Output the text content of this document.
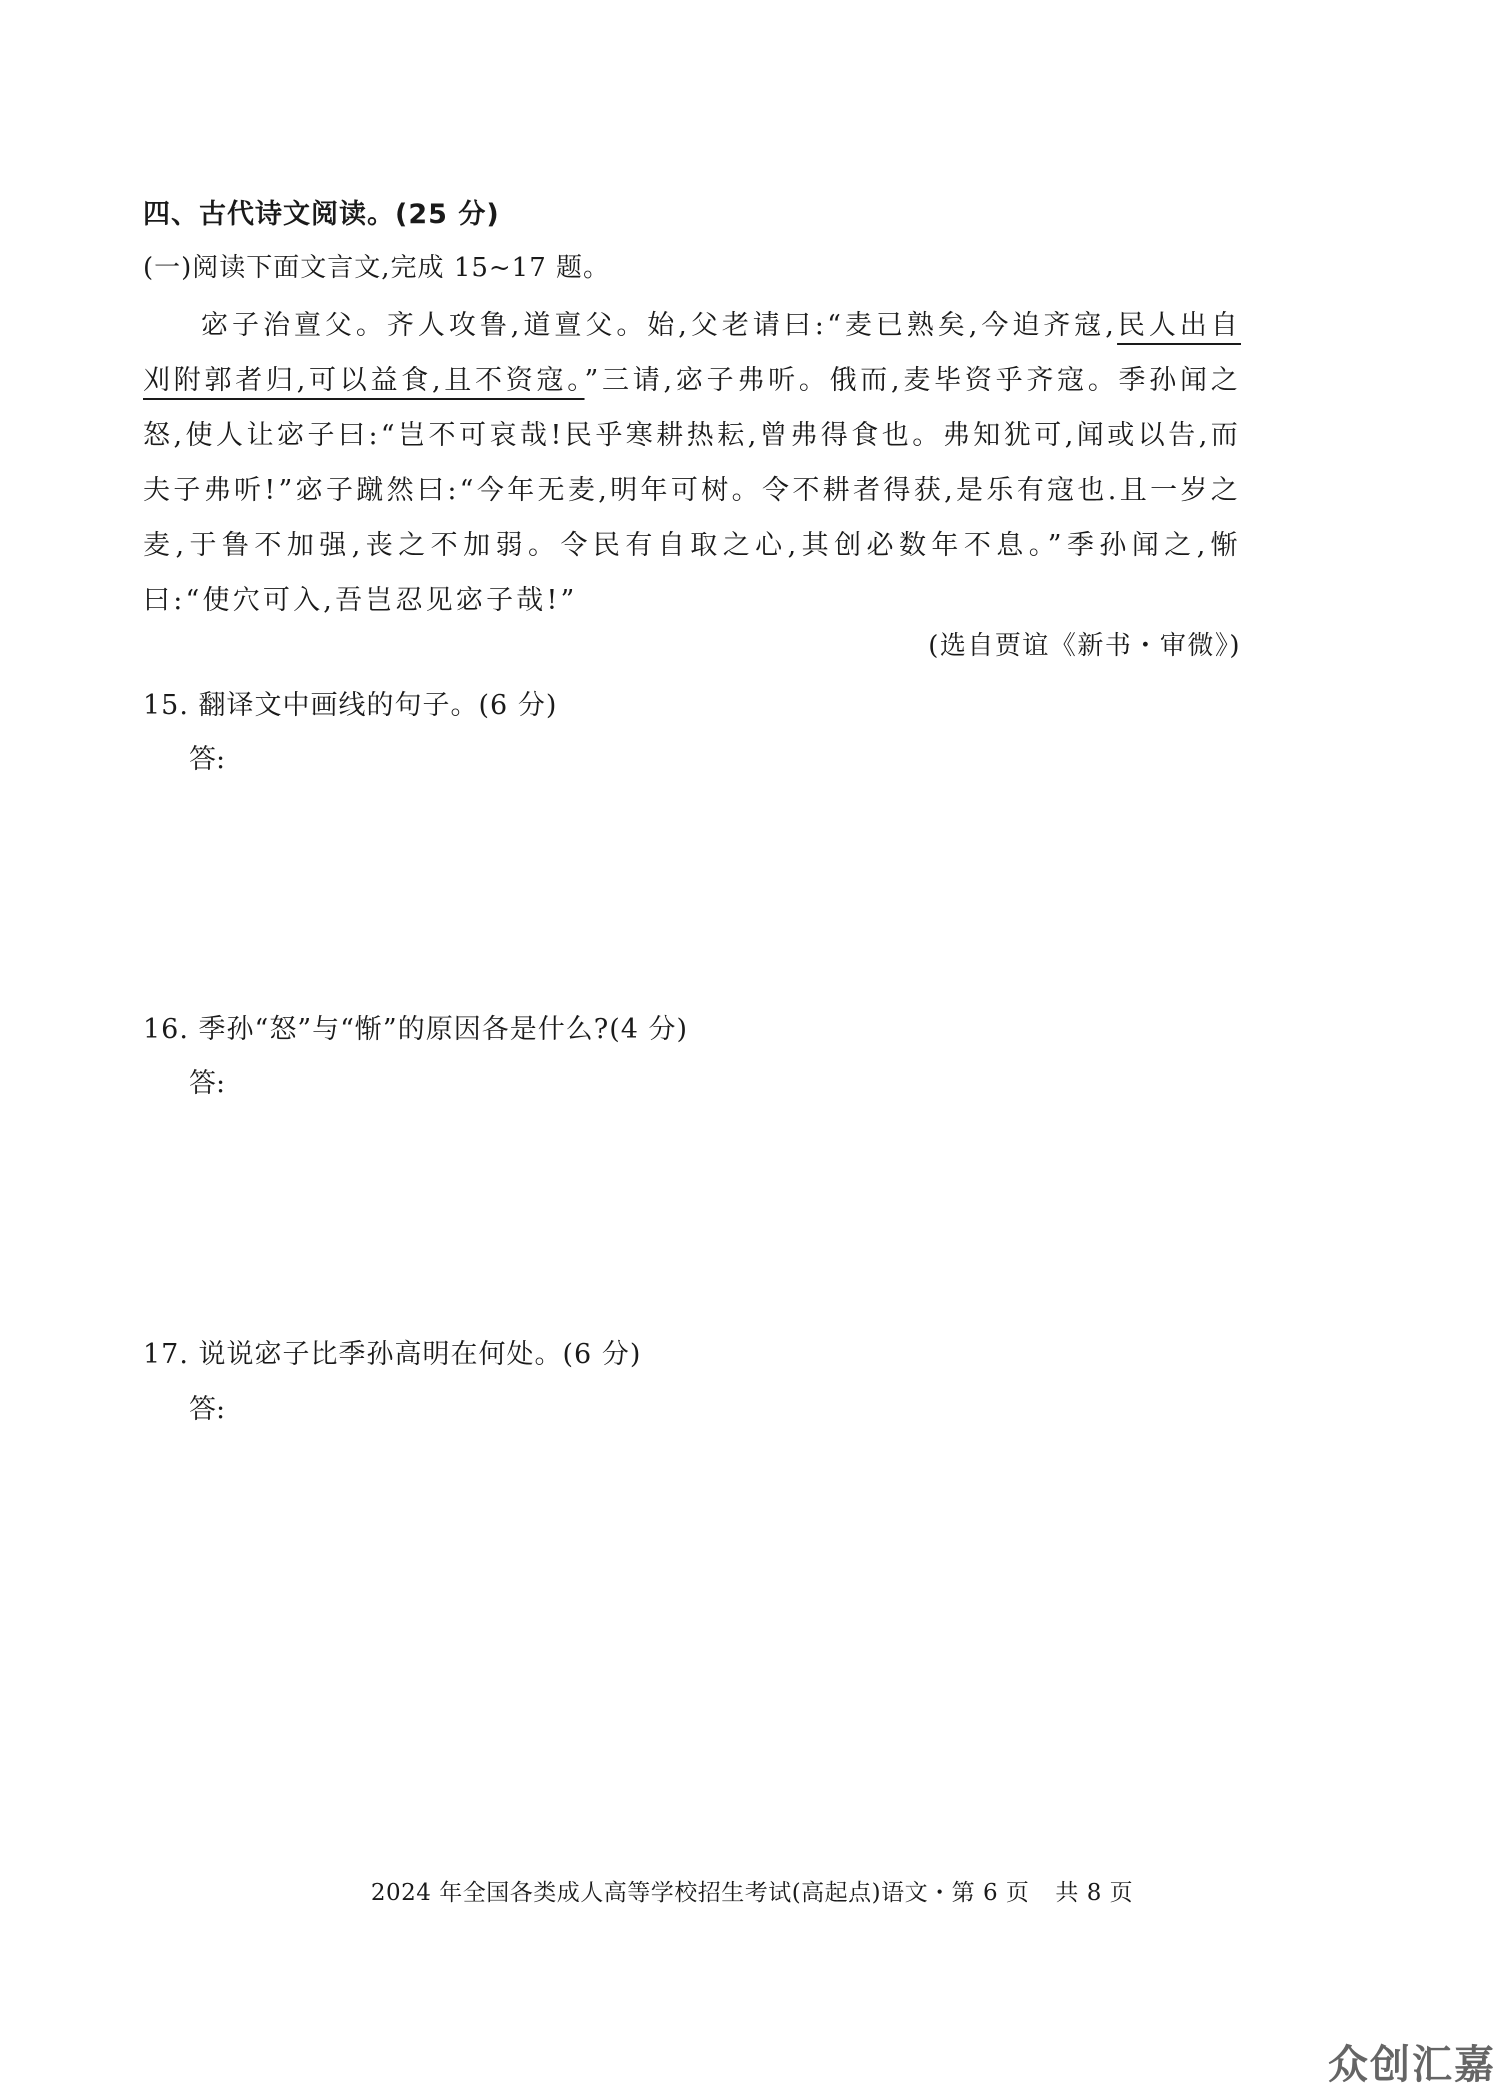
四、古代诗文阅读。(25 分)
(一)阅读下面文言文,完成 15~17 题。
宓子治亶父。齐人攻鲁,道亶父。始,父老请曰:“麦已熟矣,今迫齐寇,民人出自刈附郭者归,可以益食,且不资寇。”三请,宓子弗听。俄而,麦毕资乎齐寇。季孙闻之怒,使人让宓子曰:“岂不可哀哉!民乎寒耕热耘,曾弗得食也。弗知犹可,闻或以告,而夫子弗听!”宓子蹴然曰:“今年无麦,明年可树。令不耕者得获,是乐有寇也.且一岁之麦,于鲁不加强,丧之不加弱。令民有自取之心,其创必数年不息。”季孙闻之,惭曰:“使穴可入,吾岂忍见宓子哉!”
(选自贾谊《新书・审微》)
15. 翻译文中画线的句子。(6 分)
答:
16. 季孙“怒”与“惭”的原因各是什么?(4 分)
答:
17. 说说宓子比季孙高明在何处。(6 分)
答:
2024 年全国各类成人高等学校招生考试(高起点)语文・第 6 页 共 8 页
众创汇嘉
